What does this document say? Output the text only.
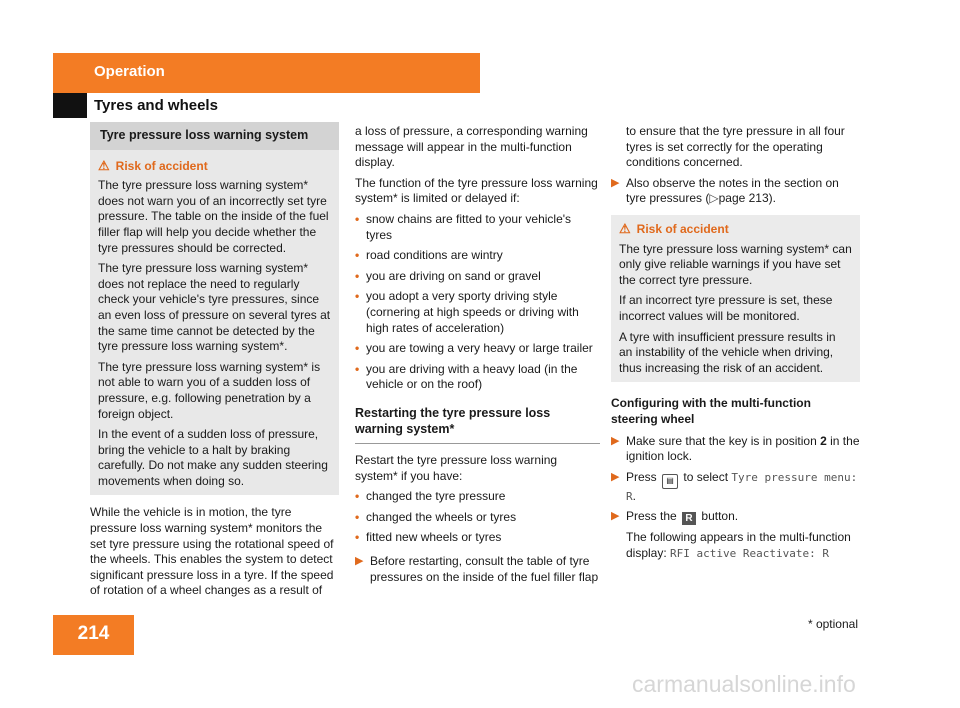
Operation
Tyres and wheels
Tyre pressure loss warning system
⚠ Risk of accident

The tyre pressure loss warning system* does not warn you of an incorrectly set tyre pressure. The table on the inside of the fuel filler flap will help you decide whether the tyre pressures should be corrected.

The tyre pressure loss warning system* does not replace the need to regularly check your vehicle's tyre pressures, since an even loss of pressure on several tyres at the same time cannot be detected by the tyre pressure loss warning system*.

The tyre pressure loss warning system* is not able to warn you of a sudden loss of pressure, e.g. following penetration by a foreign object.

In the event of a sudden loss of pressure, bring the vehicle to a halt by braking carefully. Do not make any sudden steering movements when doing so.

While the vehicle is in motion, the tyre pressure loss warning system* monitors the set tyre pressure using the rotational speed of the wheels. This enables the system to detect significant pressure loss in a tyre. If the speed of rotation of a wheel changes as a result of

a loss of pressure, a corresponding warning message will appear in the multi-function display.

The function of the tyre pressure loss warning system* is limited or delayed if:

• snow chains are fitted to your vehicle's tyres
• road conditions are wintry
• you are driving on sand or gravel
• you adopt a very sporty driving style (cornering at high speeds or driving with high rates of acceleration)
• you are towing a very heavy or large trailer
• you are driving with a heavy load (in the vehicle or on the roof)
Restarting the tyre pressure loss warning system*

Restart the tyre pressure loss warning system* if you have:

• changed the tyre pressure
• changed the wheels or tyres
• fitted new wheels or tyres
▶ Before restarting, consult the table of tyre pressures on the inside of the fuel filler flap

to ensure that the tyre pressure in all four tyres is set correctly for the operating conditions concerned.

▶ Also observe the notes in the section on tyre pressures (▷page 213).
⚠ Risk of accident

The tyre pressure loss warning system* can only give reliable warnings if you have set the correct tyre pressure.

If an incorrect tyre pressure is set, these incorrect values will be monitored.

A tyre with insufficient pressure results in an instability of the vehicle when driving, thus increasing the risk of an accident.

Configuring with the multi-function steering wheel
▶ Make sure that the key is in position 2 in the ignition lock.
▶ Press ▤ to select Tyre pressure menu: R.
▶ Press the R button.

The following appears in the multi-function display: RFI active Reactivate: R

214	* optional
carmanualsonline.info
